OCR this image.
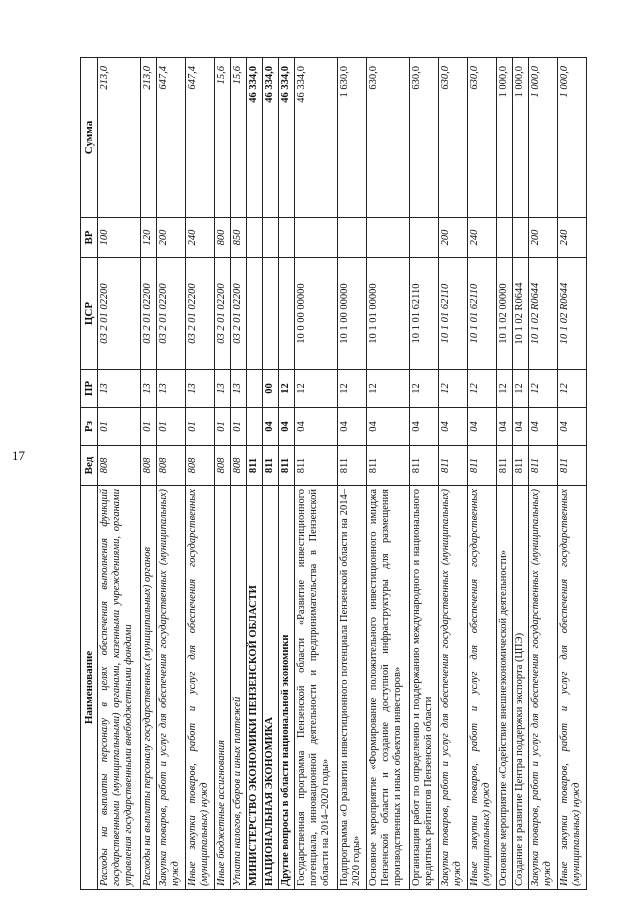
17
Наименование	Вед	Рз	ПР	ЦСР	ВР	Сумма
Расходы на выплаты персоналу в целях обеспечения выполнения функций государственными (муниципальными) органами, казенными учреждениями, органами управления государственными внебюджетными фондами	808	01	13	03 2 01 02200	100	213,0
Расходы на выплаты персоналу государственных (муниципальных) органов	808	01	13	03 2 01 02200	120	213,0
Закупка товаров, работ и услуг для обеспечения государственных (муниципальных) нужд	808	01	13	03 2 01 02200	200	647,4
Иные закупки товаров, работ и услуг для обеспечения государственных (муниципальных) нужд	808	01	13	03 2 01 02200	240	647,4
Иные бюджетные ассигнования	808	01	13	03 2 01 02200	800	15,6
Уплата налогов, сборов и иных платежей	808	01	13	03 2 01 02200	850	15,6
МИНИСТЕРСТВО ЭКОНОМИКИ ПЕНЗЕНСКОЙ ОБЛАСТИ	811					46 334,0
НАЦИОНАЛЬНАЯ ЭКОНОМИКА	811	04	00			46 334,0
Другие вопросы в области национальной экономики	811	04	12			46 334,0
Государственная программа Пензенской области «Развитие инвестиционного потенциала, инновационной деятельности и предпринимательства в Пензенской области на 2014–2020 годы»	811	04	12	10 0 00 00000		46 334,0
Подпрограмма «О развитии инвестиционного потенциала Пензенской области на 2014–2020 годы»	811	04	12	10 1 00 00000		1 630,0
Основное мероприятие «Формирование положительного инвестиционного имиджа Пензенской области и создание доступной инфраструктуры для размещения производственных и иных объектов инвесторов»	811	04	12	10 1 01 00000		630,0
Организация работ по определению и поддержанию международного и национального кредитных рейтингов Пензенской области	811	04	12	10 1 01 62110		630,0
Закупка товаров, работ и услуг для обеспечения государственных (муниципальных) нужд	811	04	12	10 1 01 62110	200	630,0
Иные закупки товаров, работ и услуг для обеспечения государственных (муниципальных) нужд	811	04	12	10 1 01 62110	240	630,0
Основное мероприятие «Содействие внешнеэкономической деятельности»	811	04	12	10 1 02 00000		1 000,0
Создание и развитие Центра поддержки экспорта (ЦПЭ)	811	04	12	10 1 02 R0644		1 000,0
Закупка товаров, работ и услуг для обеспечения государственных (муниципальных) нужд	811	04	12	10 1 02 R0644	200	1 000,0
Иные закупки товаров, работ и услуг для обеспечения государственных (муниципальных) нужд	811	04	12	10 1 02 R0644	240	1 000,0
